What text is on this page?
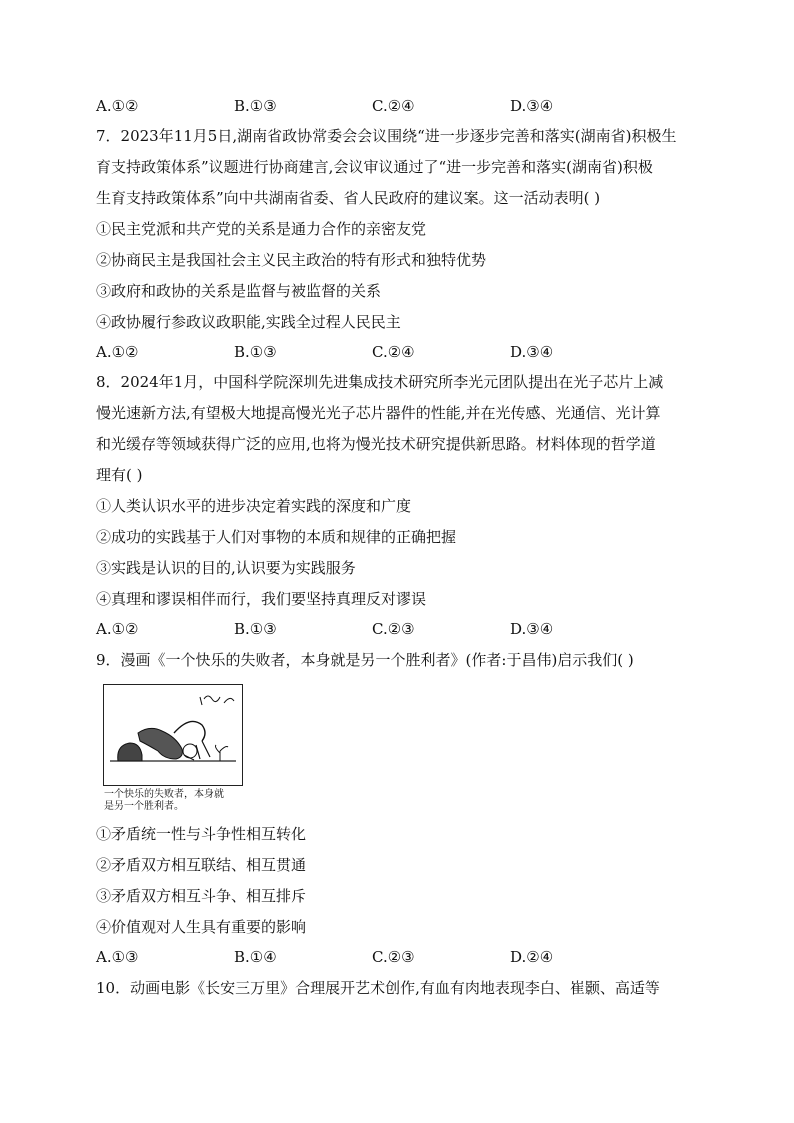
A.①②	B.①③	C.②④	D.③④
7．2023年11月5日,湖南省政协常委会会议围绕“进一步逐步完善和落实(湖南省)积极生
育支持政策体系”议题进行协商建言,会议审议通过了“进一步完善和落实(湖南省)积极
生育支持政策体系”向中共湖南省委、省人民政府的建议案。这一活动表明( )
①民主党派和共产党的关系是通力合作的亲密友党
②协商民主是我国社会主义民主政治的特有形式和独特优势
③政府和政协的关系是监督与被监督的关系
④政协履行参政议政职能,实践全过程人民民主
A.①②	B.①③	C.②④	D.③④
8．2024年1月，中国科学院深圳先进集成技术研究所李光元团队提出在光子芯片上减
慢光速新方法,有望极大地提高慢光光子芯片器件的性能,并在光传感、光通信、光计算
和光缓存等领域获得广泛的应用,也将为慢光技术研究提供新思路。材料体现的哲学道
理有( )
①人类认识水平的进步决定着实践的深度和广度
②成功的实践基于人们对事物的本质和规律的正确把握
③实践是认识的目的,认识要为实践服务
④真理和谬误相伴而行，我们要坚持真理反对谬误
A.①②	B.①③	C.②③	D.③④
9．漫画《一个快乐的失败者，本身就是另一个胜利者》(作者:于昌伟)启示我们( )
一个快乐的失败者，本身就
是另一个胜利者。
①矛盾统一性与斗争性相互转化
②矛盾双方相互联结、相互贯通
③矛盾双方相互斗争、相互排斥
④价值观对人生具有重要的影响
A.①③	B.①④	C.②③	D.②④
10．动画电影《长安三万里》合理展开艺术创作,有血有肉地表现李白、崔颢、高适等
